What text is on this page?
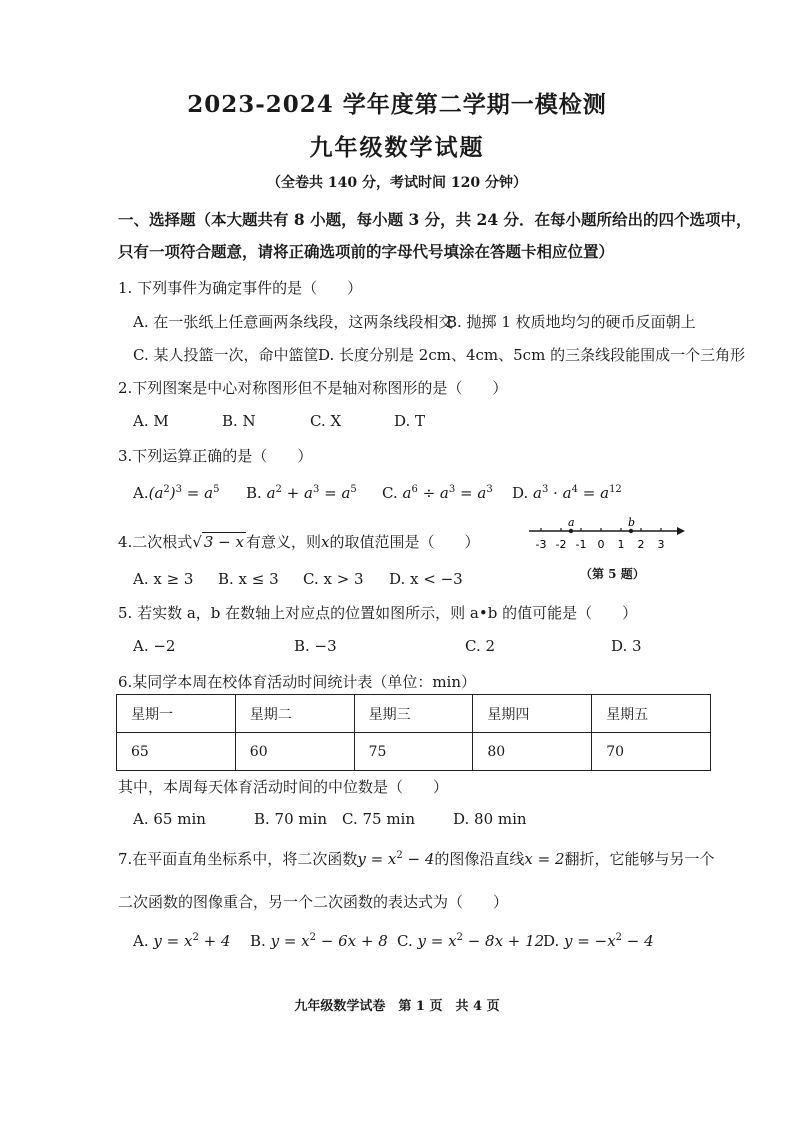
2023-2024 学年度第二学期一模检测
九年级数学试题
（全卷共 140 分，考试时间 120 分钟）
一、选择题（本大题共有 8 小题，每小题 3 分，共 24 分．在每小题所给出的四个选项中，
只有一项符合题意，请将正确选项前的字母代号填涂在答题卡相应位置）
1. 下列事件为确定事件的是（　　）
A. 在一张纸上任意画两条线段，这两条线段相交
B. 抛掷 1 枚质地均匀的硬币反面朝上
C. 某人投篮一次，命中篮筐 D. 长度分别是 2cm、4cm、5cm 的三条线段能围成一个三角形
2.下列图案是中心对称图形但不是轴对称图形的是（　　）
A. M	B. N	C. X	D. T
3.下列运算正确的是（　　）
$A.(a^2)^3 = a^5$ B. $a^2 + a^3 = a^5$ C. $a^6 \div a^3 = a^3$ D. $a^3 \cdot a^4 = a^{12}$
4.二次根式√ 3 − x 有意义，则x的取值范围是（　　）	-3 -2 -1 0 1 2 3
a	b
（第 5 题）
A. x ≥ 3 B. x ≤ 3 C. x > 3 D. x < −3
5. 若实数 a，b 在数轴上对应点的位置如图所示，则 a•b 的值可能是（　　）
A. −2	B. −3	C. 2	D. 3
6.某同学本周在校体育活动时间统计表（单位：min）
星期一	星期二	星期三	星期四	星期五
65	60	75	80	70
其中，本周每天体育活动时间的中位数是（　　）
A. 65 min	B. 70 min C. 75 min	D. 80 min
7.在平面直角坐标系中，将二次函数$y = x^2 - 4$的图像沿直线x = 2翻折，它能够与另一个
二次函数的图像重合，另一个二次函数的表达式为（　　）
A. $y = x^2 + 4$ B. $y = x^2 - 6x + 8$ C. $y = x^2 - 8x + 12$
D. $y = -x^2 - 4$
九年级数学试卷　第 1 页　共 4 页
